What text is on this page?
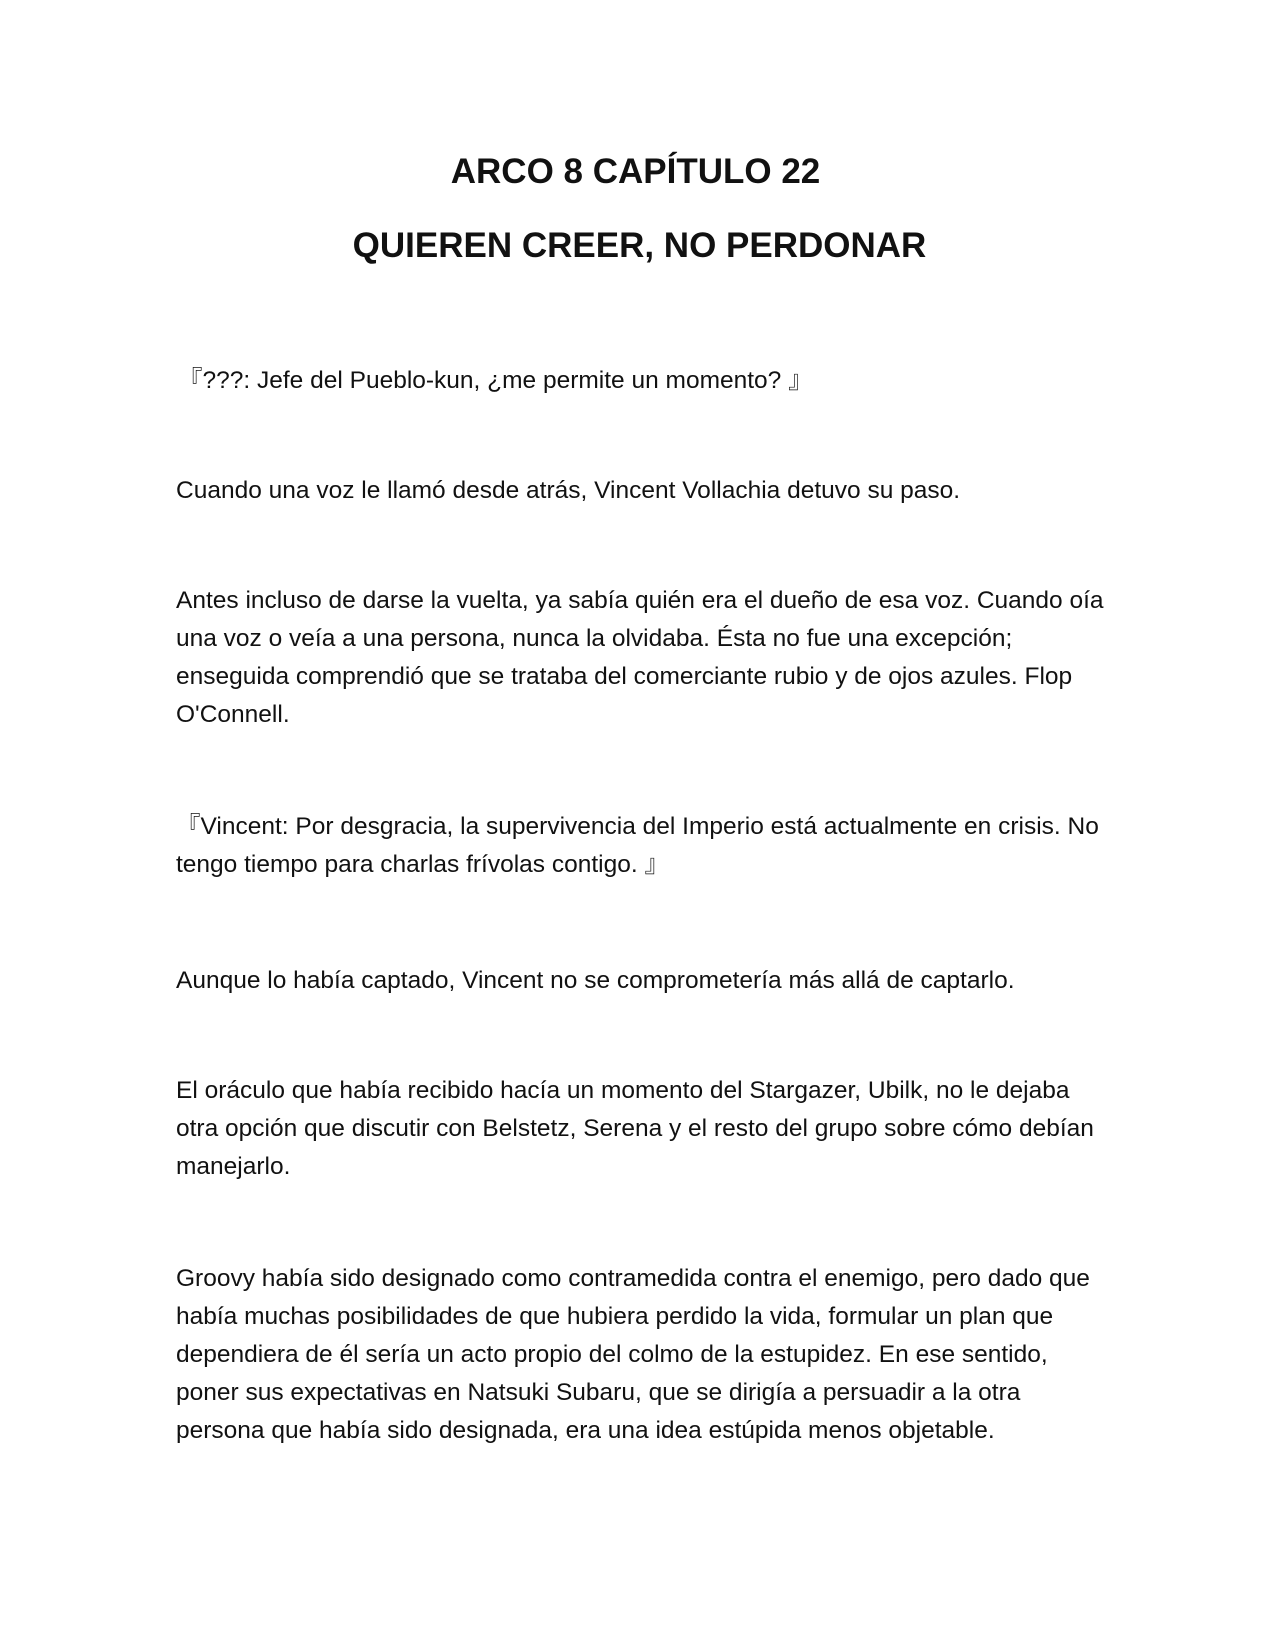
ARCO 8 CAPÍTULO 22
QUIEREN CREER, NO PERDONAR

『???: Jefe del Pueblo-kun, ¿me permite un momento? 』

Cuando una voz le llamó desde atrás, Vincent Vollachia detuvo su paso.

Antes incluso de darse la vuelta, ya sabía quién era el dueño de esa voz. Cuando oía una voz o veía a una persona, nunca la olvidaba. Ésta no fue una excepción; enseguida comprendió que se trataba del comerciante rubio y de ojos azules. Flop O'Connell.

『Vincent: Por desgracia, la supervivencia del Imperio está actualmente en crisis. No tengo tiempo para charlas frívolas contigo. 』

Aunque lo había captado, Vincent no se comprometería más allá de captarlo.

El oráculo que había recibido hacía un momento del Stargazer, Ubilk, no le dejaba otra opción que discutir con Belstetz, Serena y el resto del grupo sobre cómo debían manejarlo.

Groovy había sido designado como contramedida contra el enemigo, pero dado que había muchas posibilidades de que hubiera perdido la vida, formular un plan que dependiera de él sería un acto propio del colmo de la estupidez. En ese sentido, poner sus expectativas en Natsuki Subaru, que se dirigía a persuadir a la otra persona que había sido designada, era una idea estúpida menos objetable.
